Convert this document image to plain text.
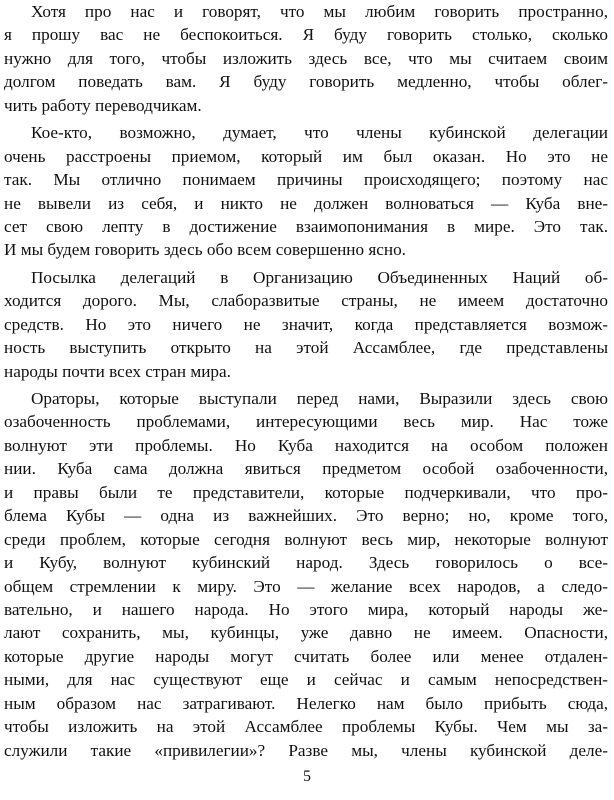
Хотя про нас и говорят, что мы любим говорить пространно,
я прошу вас не беспокоиться. Я буду говорить столько, сколько
нужно для того, чтобы изложить здесь все, что мы считаем своим
долгом поведать вам. Я буду говорить медленно, чтобы облег-
чить работу переводчикам.
Кое-кто, возможно, думает, что члены кубинской делегации
очень расстроены приемом, который им был оказан. Но это не
так. Мы отлично понимаем причины происходящего; поэтому нас
не вывели из себя, и никто не должен волноваться — Куба вне-
сет свою лепту в достижение взаимопонимания в мире. Это так.
И мы будем говорить здесь обо всем совершенно ясно.
Посылка делегаций в Организацию Объединенных Наций об-
ходится дорого. Мы, слаборазвитые страны, не имеем достаточно
средств. Но это ничего не значит, когда представляется возмож-
ность выступить открыто на этой Ассамблее, где представлены
народы почти всех стран мира.
Ораторы, которые выступали перед нами, Выразили здесь свою
озабоченность проблемами, интересующими весь мир. Нас тоже
волнуют эти проблемы. Но Куба находится на особом положен
нии. Куба сама должна явиться предметом особой озабоченности,
и правы были те представители, которые подчеркивали, что про-
блема Кубы — одна из важнейших. Это верно; но, кроме того,
среди проблем, которые сегодня волнуют весь мир, некоторые волнуют
и Кубу, волнуют кубинский народ. Здесь говорилось о все-
общем стремлении к миру. Это — желание всех народов, а следо-
вательно, и нашего народа. Но этого мира, который народы же-
лают сохранить, мы, кубинцы, уже давно не имеем. Опасности,
которые другие народы могут считать более или менее отдален-
ными, для нас существуют еще и сейчас и самым непосредствен-
ным образом нас затрагивают. Нелегко нам было прибыть сюда,
чтобы изложить на этой Ассамблее проблемы Кубы. Чем мы за-
служили такие «привилегии»? Разве мы, члены кубинской деле-
5
